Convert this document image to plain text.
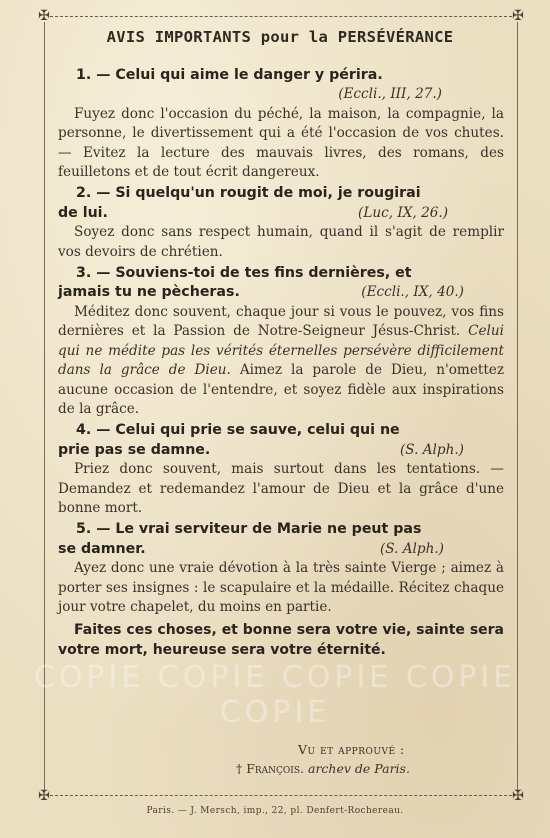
✠	✠
✠	✠
AVIS IMPORTANTS pour la PERSÉVÉRANCE
1. — Celui qui aime le danger y périra.
(Eccli., III, 27.)

Fuyez donc l'occasion du péché, la maison, la compagnie, la personne, le divertissement qui a été l'occasion de vos chutes. — Evitez la lecture des mauvais livres, des romans, des feuilletons et de tout écrit dangereux.

2. — Si quelqu'un rougit de moi, je rougirai
de lui.	(Luc, IX, 26.)

Soyez donc sans respect humain, quand il s'agit de remplir vos devoirs de chrétien.

3. — Souviens-toi de tes fins dernières, et
jamais tu ne pècheras.	(Eccli., IX, 40.)

Méditez donc souvent, chaque jour si vous le pouvez, vos fins dernières et la Passion de Notre-Seigneur Jésus-Christ. Celui qui ne médite pas les vérités éternelles persévère difficilement dans la grâce de Dieu. Aimez la parole de Dieu, n'omettez aucune occasion de l'entendre, et soyez fidèle aux inspirations de la grâce.

4. — Celui qui prie se sauve, celui qui ne
prie pas se damne.	(S. Alph.)

Priez donc souvent, mais surtout dans les tentations. — Demandez et redemandez l'amour de Dieu et la grâce d'une bonne mort.

5. — Le vrai serviteur de Marie ne peut pas
se damner.	(S. Alph.)

Ayez donc une vraie dévotion à la très sainte Vierge ; aimez à porter ses insignes : le scapulaire et la médaille. Récitez chaque jour votre chapelet, du moins en partie.

Faites ces choses, et bonne sera votre vie, sainte sera votre mort, heureuse sera votre éternité.

Vu et approuvé :
† François. archev de Paris.
Paris. — J. Mersch, imp., 22, pl. Denfert-Rochereau.
COPIE COPIE COPIE COPIE COPIE
